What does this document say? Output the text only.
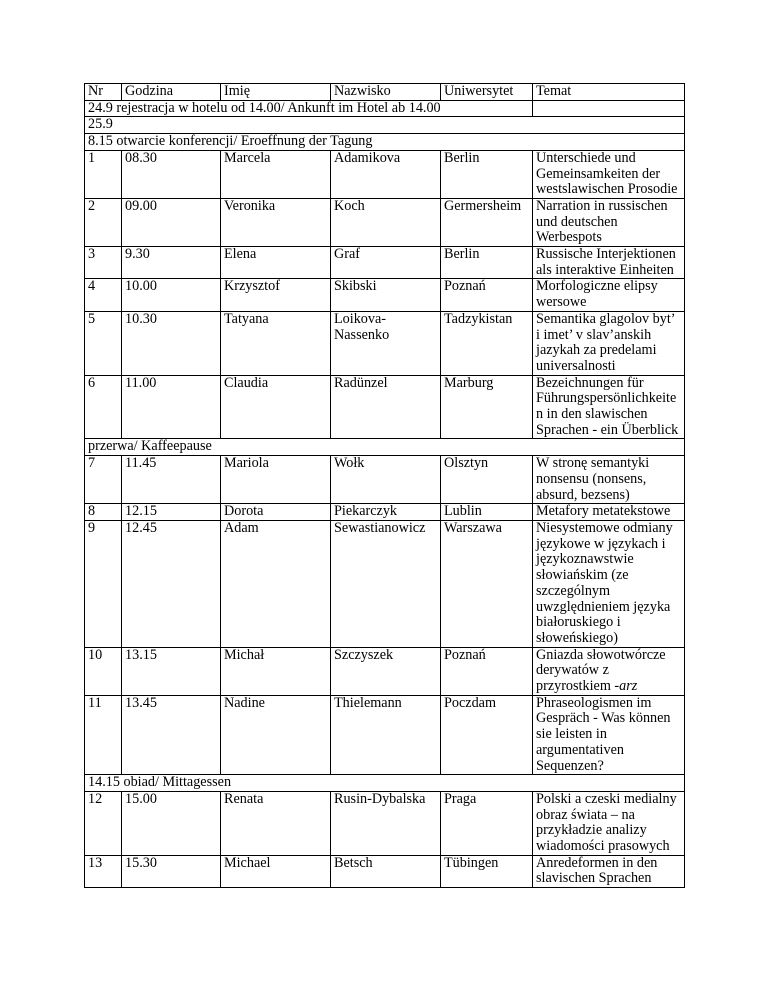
Nr	Godzina	Imię	Nazwisko	Uniwersytet	Temat
24.9 rejestracja w hotelu od 14.00/ Ankunft im Hotel ab 14.00					
25.9					
8.15 otwarcie konferencji/ Eroeffnung der Tagung					
1	08.30	Marcela	Adamikova	Berlin	Unterschiede und Gemeinsamkeiten der westslawischen Prosodie
2	09.00	Veronika	Koch	Germersheim	Narration in russischen und deutschen Werbespots
3	9.30	Elena	Graf	Berlin	Russische Interjektionen als interaktive Einheiten
4	10.00	Krzysztof	Skibski	Poznań	Morfologiczne elipsy wersowe
5	10.30	Tatyana	Loikova-Nassenko	Tadzykistan	Semantika glagolov byt’ i imet’ v slav’anskih jazykah za predelami universalnosti
6	11.00	Claudia	Radünzel	Marburg	Bezeichnungen für Führungspersönlichkeiten in den slawischen Sprachen - ein Überblick
przerwa/ Kaffeepause					
7	11.45	Mariola	Wołk	Olsztyn	W stronę semantyki nonsensu (nonsens, absurd, bezsens)
8	12.15	Dorota	Piekarczyk	Lublin	Metafory metatekstowe
9	12.45	Adam	Sewastianowicz	Warszawa	Niesystemowe odmiany językowe w językach i językoznawstwie słowiańskim (ze szczególnym uwzględnieniem języka białoruskiego i słoweńskiego)
10	13.15	Michał	Szczyszek	Poznań	Gniazda słowotwórcze derywatów z przyrostkiem -arz
11	13.45	Nadine	Thielemann	Poczdam	Phraseologismen im Gespräch - Was können sie leisten in argumentativen Sequenzen?
14.15 obiad/ Mittagessen					
12	15.00	Renata	Rusin-Dybalska	Praga	Polski a czeski medialny obraz świata – na przykładzie analizy wiadomości prasowych
13	15.30	Michael	Betsch	Tübingen	Anredeformen in den slavischen Sprachen
